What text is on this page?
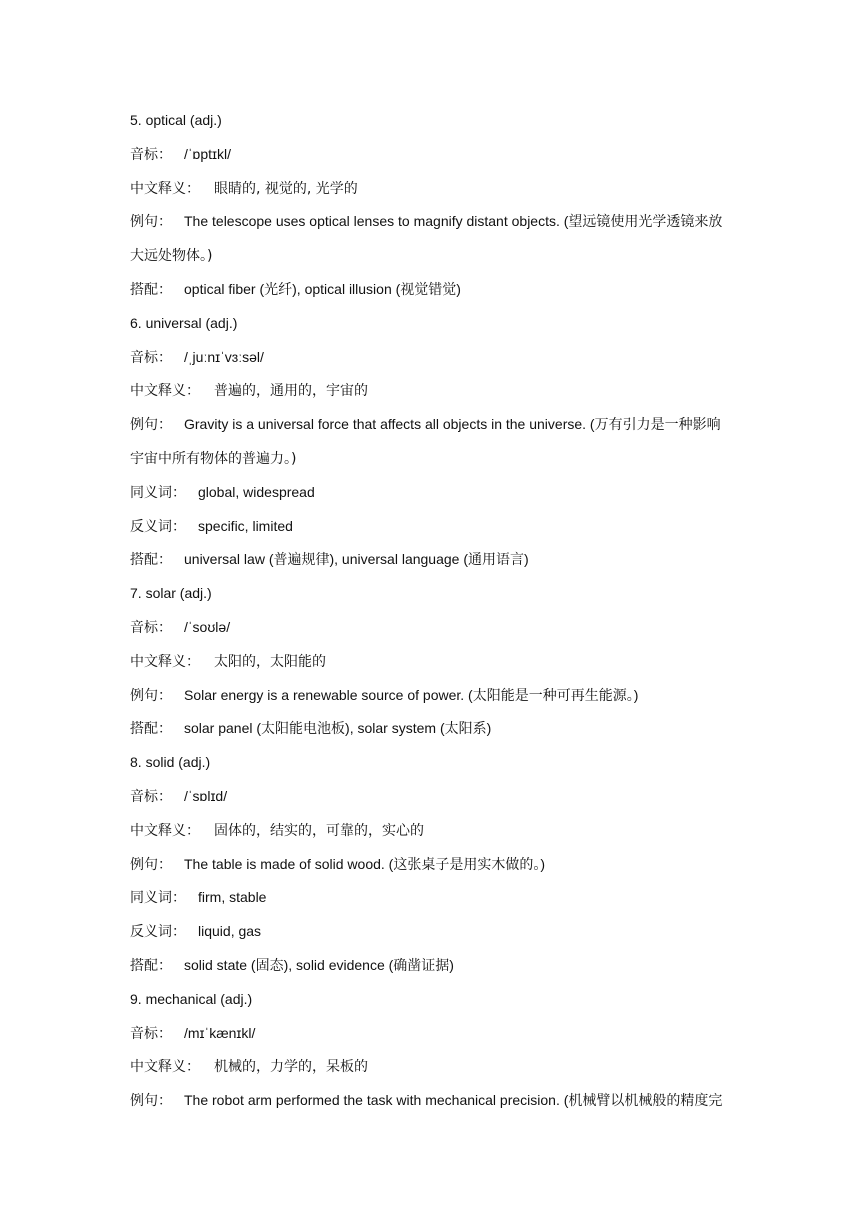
5. optical (adj.)
音标： /ˈɒptɪkl/
中文释义： 眼睛的, 视觉的, 光学的
例句： The telescope uses optical lenses to magnify distant objects. (望远镜使用光学透镜来放
大远处物体。)
搭配： optical fiber (光纤), optical illusion (视觉错觉)
6. universal (adj.)
音标： /ˌjuːnɪˈvɜːsəl/
中文释义： 普遍的，通用的，宇宙的
例句： Gravity is a universal force that affects all objects in the universe. (万有引力是一种影响
宇宙中所有物体的普遍力。)
同义词： global, widespread
反义词： specific, limited
搭配： universal law (普遍规律), universal language (通用语言)
7. solar (adj.)
音标： /ˈsoʊlə/
中文释义： 太阳的，太阳能的
例句： Solar energy is a renewable source of power. (太阳能是一种可再生能源。)
搭配： solar panel (太阳能电池板), solar system (太阳系)
8. solid (adj.)
音标： /ˈsɒlɪd/
中文释义： 固体的，结实的，可靠的，实心的
例句： The table is made of solid wood. (这张桌子是用实木做的。)
同义词： firm, stable
反义词： liquid, gas
搭配： solid state (固态), solid evidence (确凿证据)
9. mechanical (adj.)
音标： /mɪˈkænɪkl/
中文释义： 机械的，力学的，呆板的
例句： The robot arm performed the task with mechanical precision. (机械臂以机械般的精度完
